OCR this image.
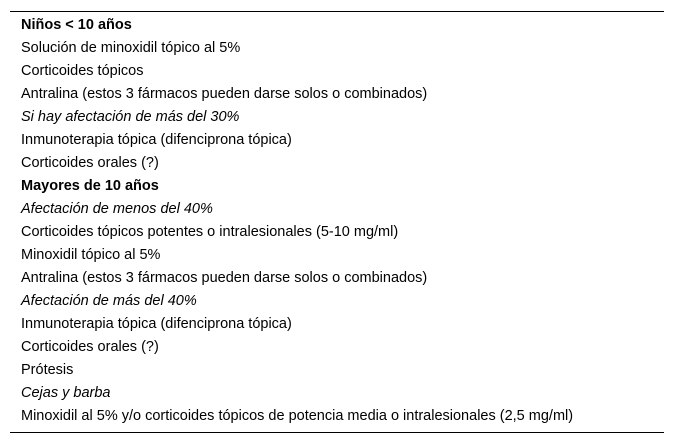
Niños < 10 años
Solución de minoxidil tópico al 5%
Corticoides tópicos
Antralina (estos 3 fármacos pueden darse solos o combinados)
Si hay afectación de más del 30%
Inmunoterapia tópica (difenciprona tópica)
Corticoides orales (?)
Mayores de 10 años
Afectación de menos del 40%
Corticoides tópicos potentes o intralesionales (5-10 mg/ml)
Minoxidil tópico al 5%
Antralina (estos 3 fármacos pueden darse solos o combinados)
Afectación de más del 40%
Inmunoterapia tópica (difenciprona tópica)
Corticoides orales (?)
Prótesis
Cejas y barba
Minoxidil al 5% y/o corticoides tópicos de potencia media o intralesionales (2,5 mg/ml)
